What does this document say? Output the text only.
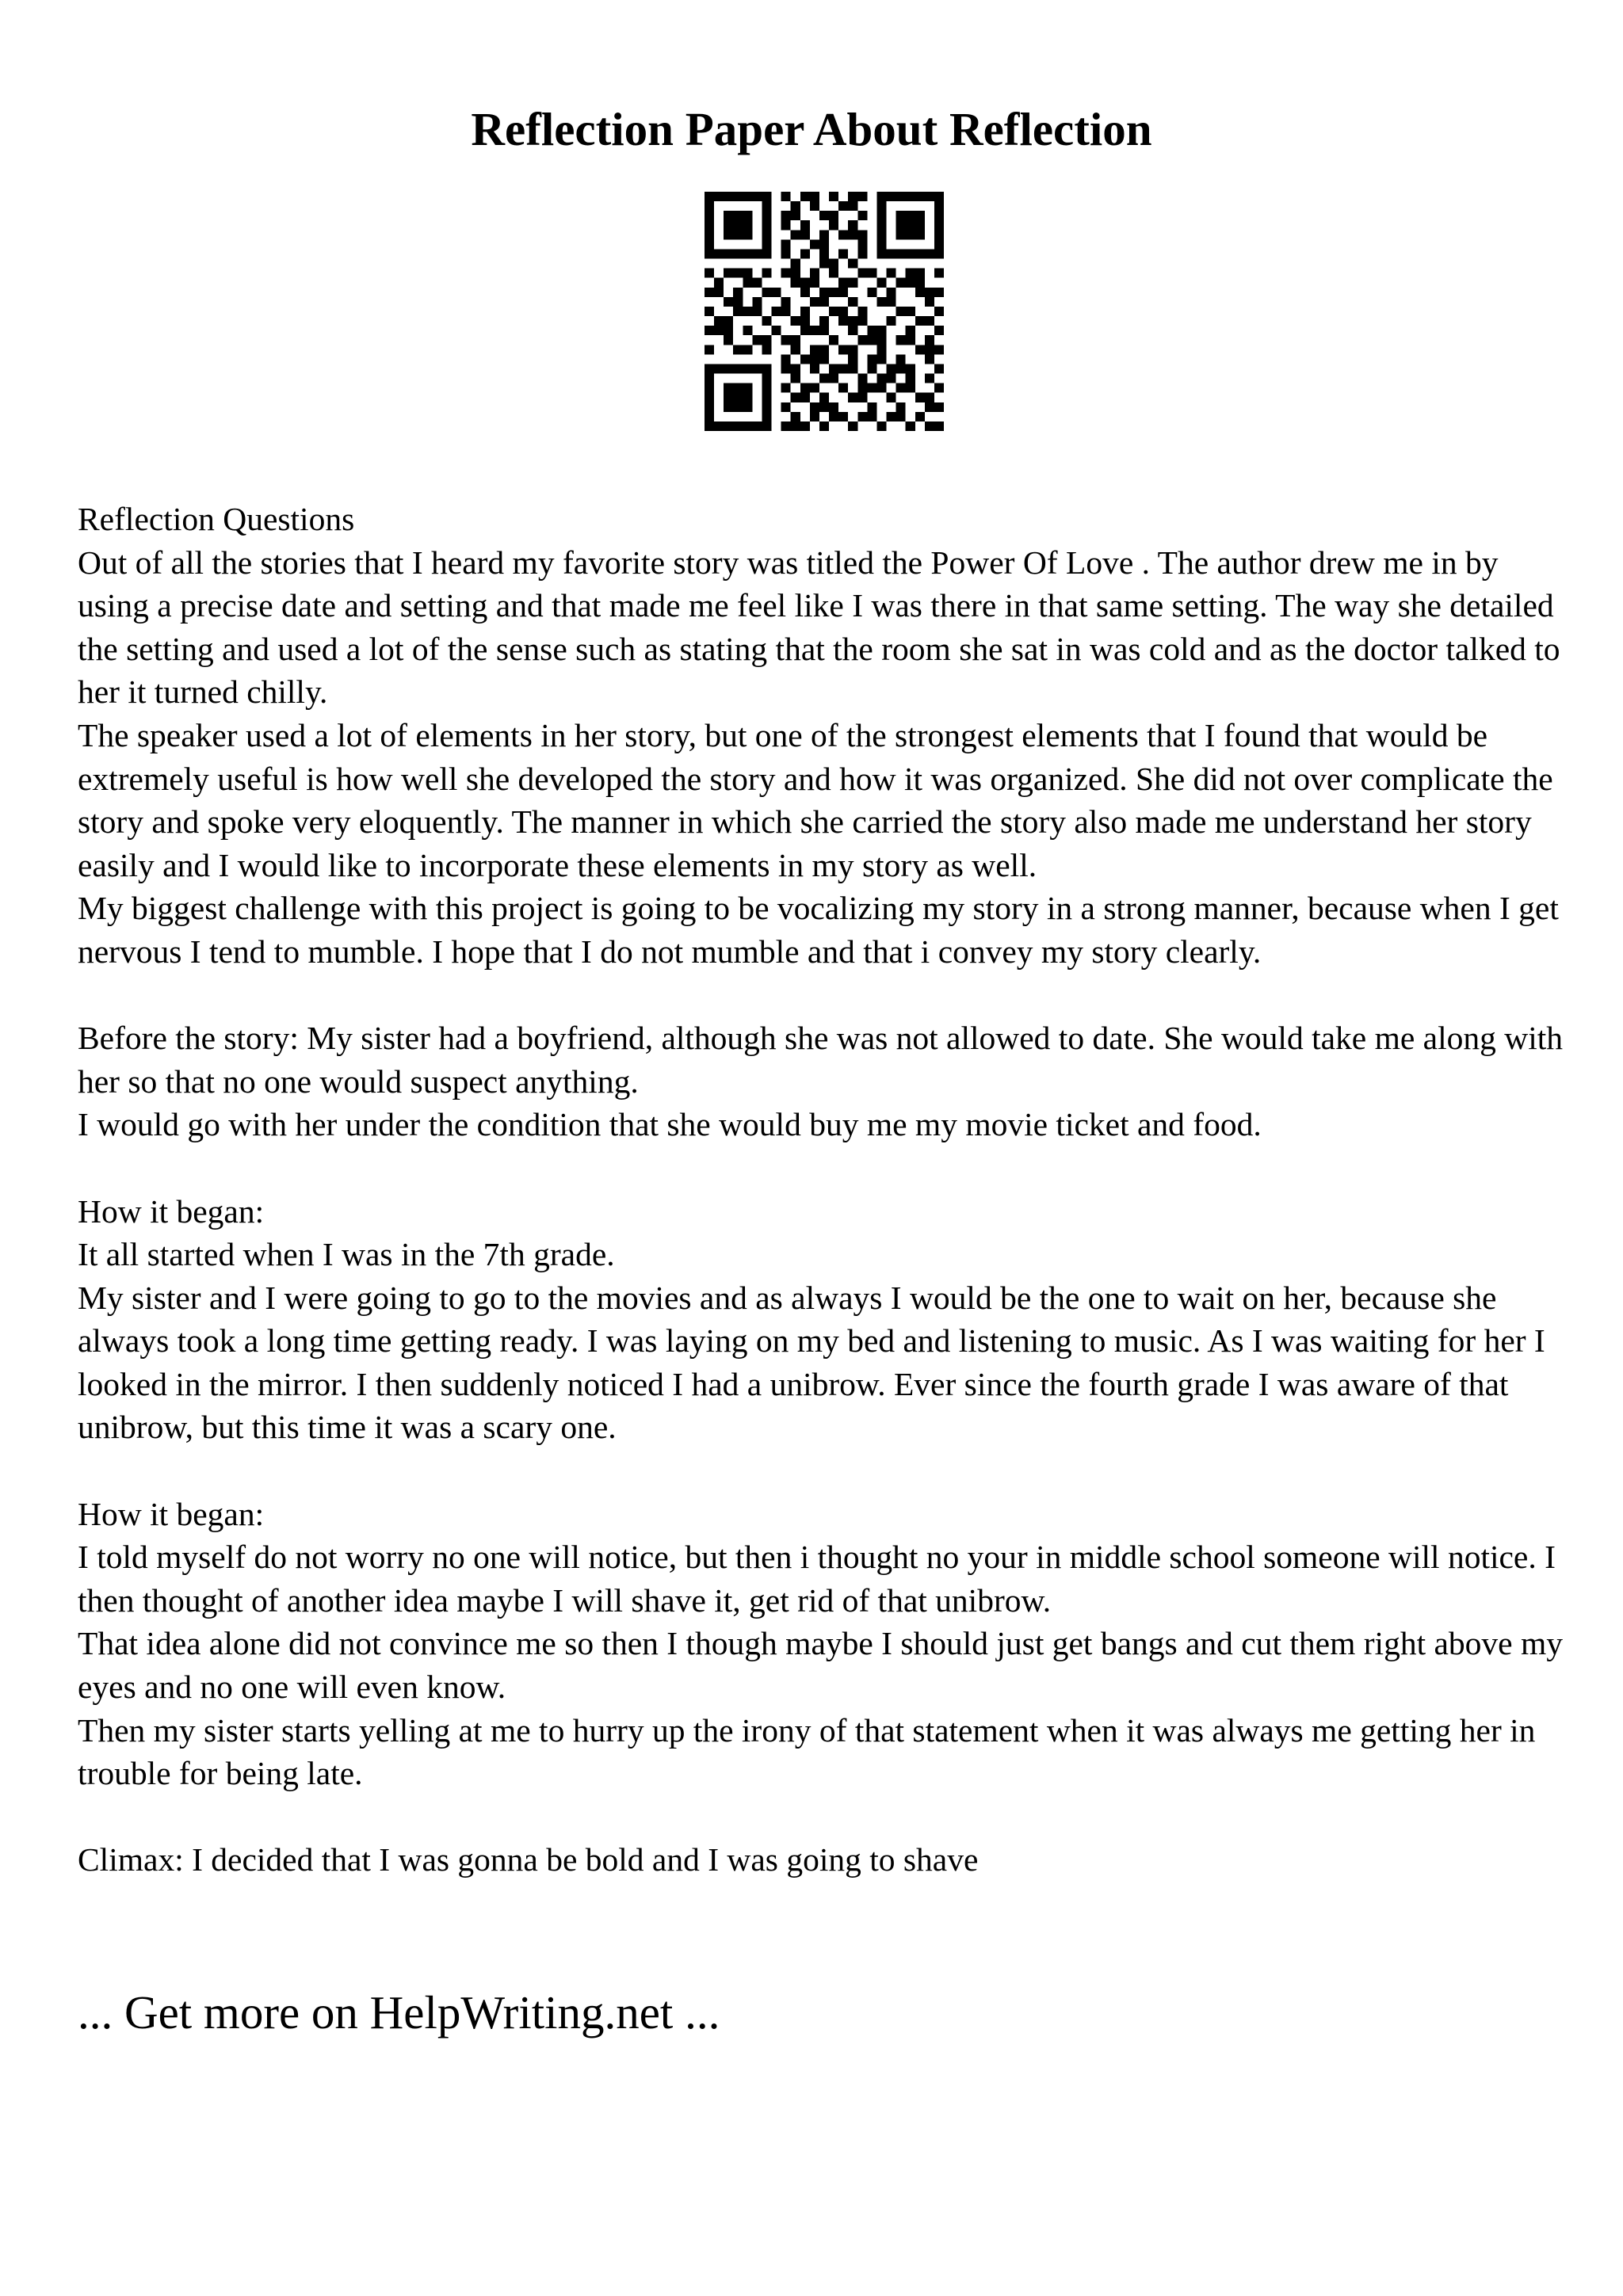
Reflection Paper About Reflection

Reflection Questions

Out of all the stories that I heard my favorite story was titled the Power Of Love . The author drew me in by using a precise date and setting and that made me feel like I was there in that same setting. The way she detailed the setting and used a lot of the sense such as stating that the room she sat in was cold and as the doctor talked to her it turned chilly.

The speaker used a lot of elements in her story, but one of the strongest elements that I found that would be extremely useful is how well she developed the story and how it was organized. She did not over complicate the story and spoke very eloquently. The manner in which she carried the story also made me understand her story easily and I would like to incorporate these elements in my story as well.

My biggest challenge with this project is going to be vocalizing my story in a strong manner, because when I get nervous I tend to mumble. I hope that I do not mumble and that i convey my story clearly.

Before the story: My sister had a boyfriend, although she was not allowed to date. She would take me along with her so that no one would suspect anything.

I would go with her under the condition that she would buy me my movie ticket and food.

How it began:

It all started when I was in the 7th grade.

My sister and I were going to go to the movies and as always I would be the one to wait on her, because she always took a long time getting ready. I was laying on my bed and listening to music. As I was waiting for her I looked in the mirror. I then suddenly noticed I had a unibrow. Ever since the fourth grade I was aware of that unibrow, but this time it was a scary one.

How it began:

I told myself do not worry no one will notice, but then i thought no your in middle school someone will notice. I then thought of another idea maybe I will shave it, get rid of that unibrow.

That idea alone did not convince me so then I though maybe I should just get bangs and cut them right above my eyes and no one will even know.

Then my sister starts yelling at me to hurry up the irony of that statement when it was always me getting her in trouble for being late.

Climax: I decided that I was gonna be bold and I was going to shave

... Get more on HelpWriting.net ...
